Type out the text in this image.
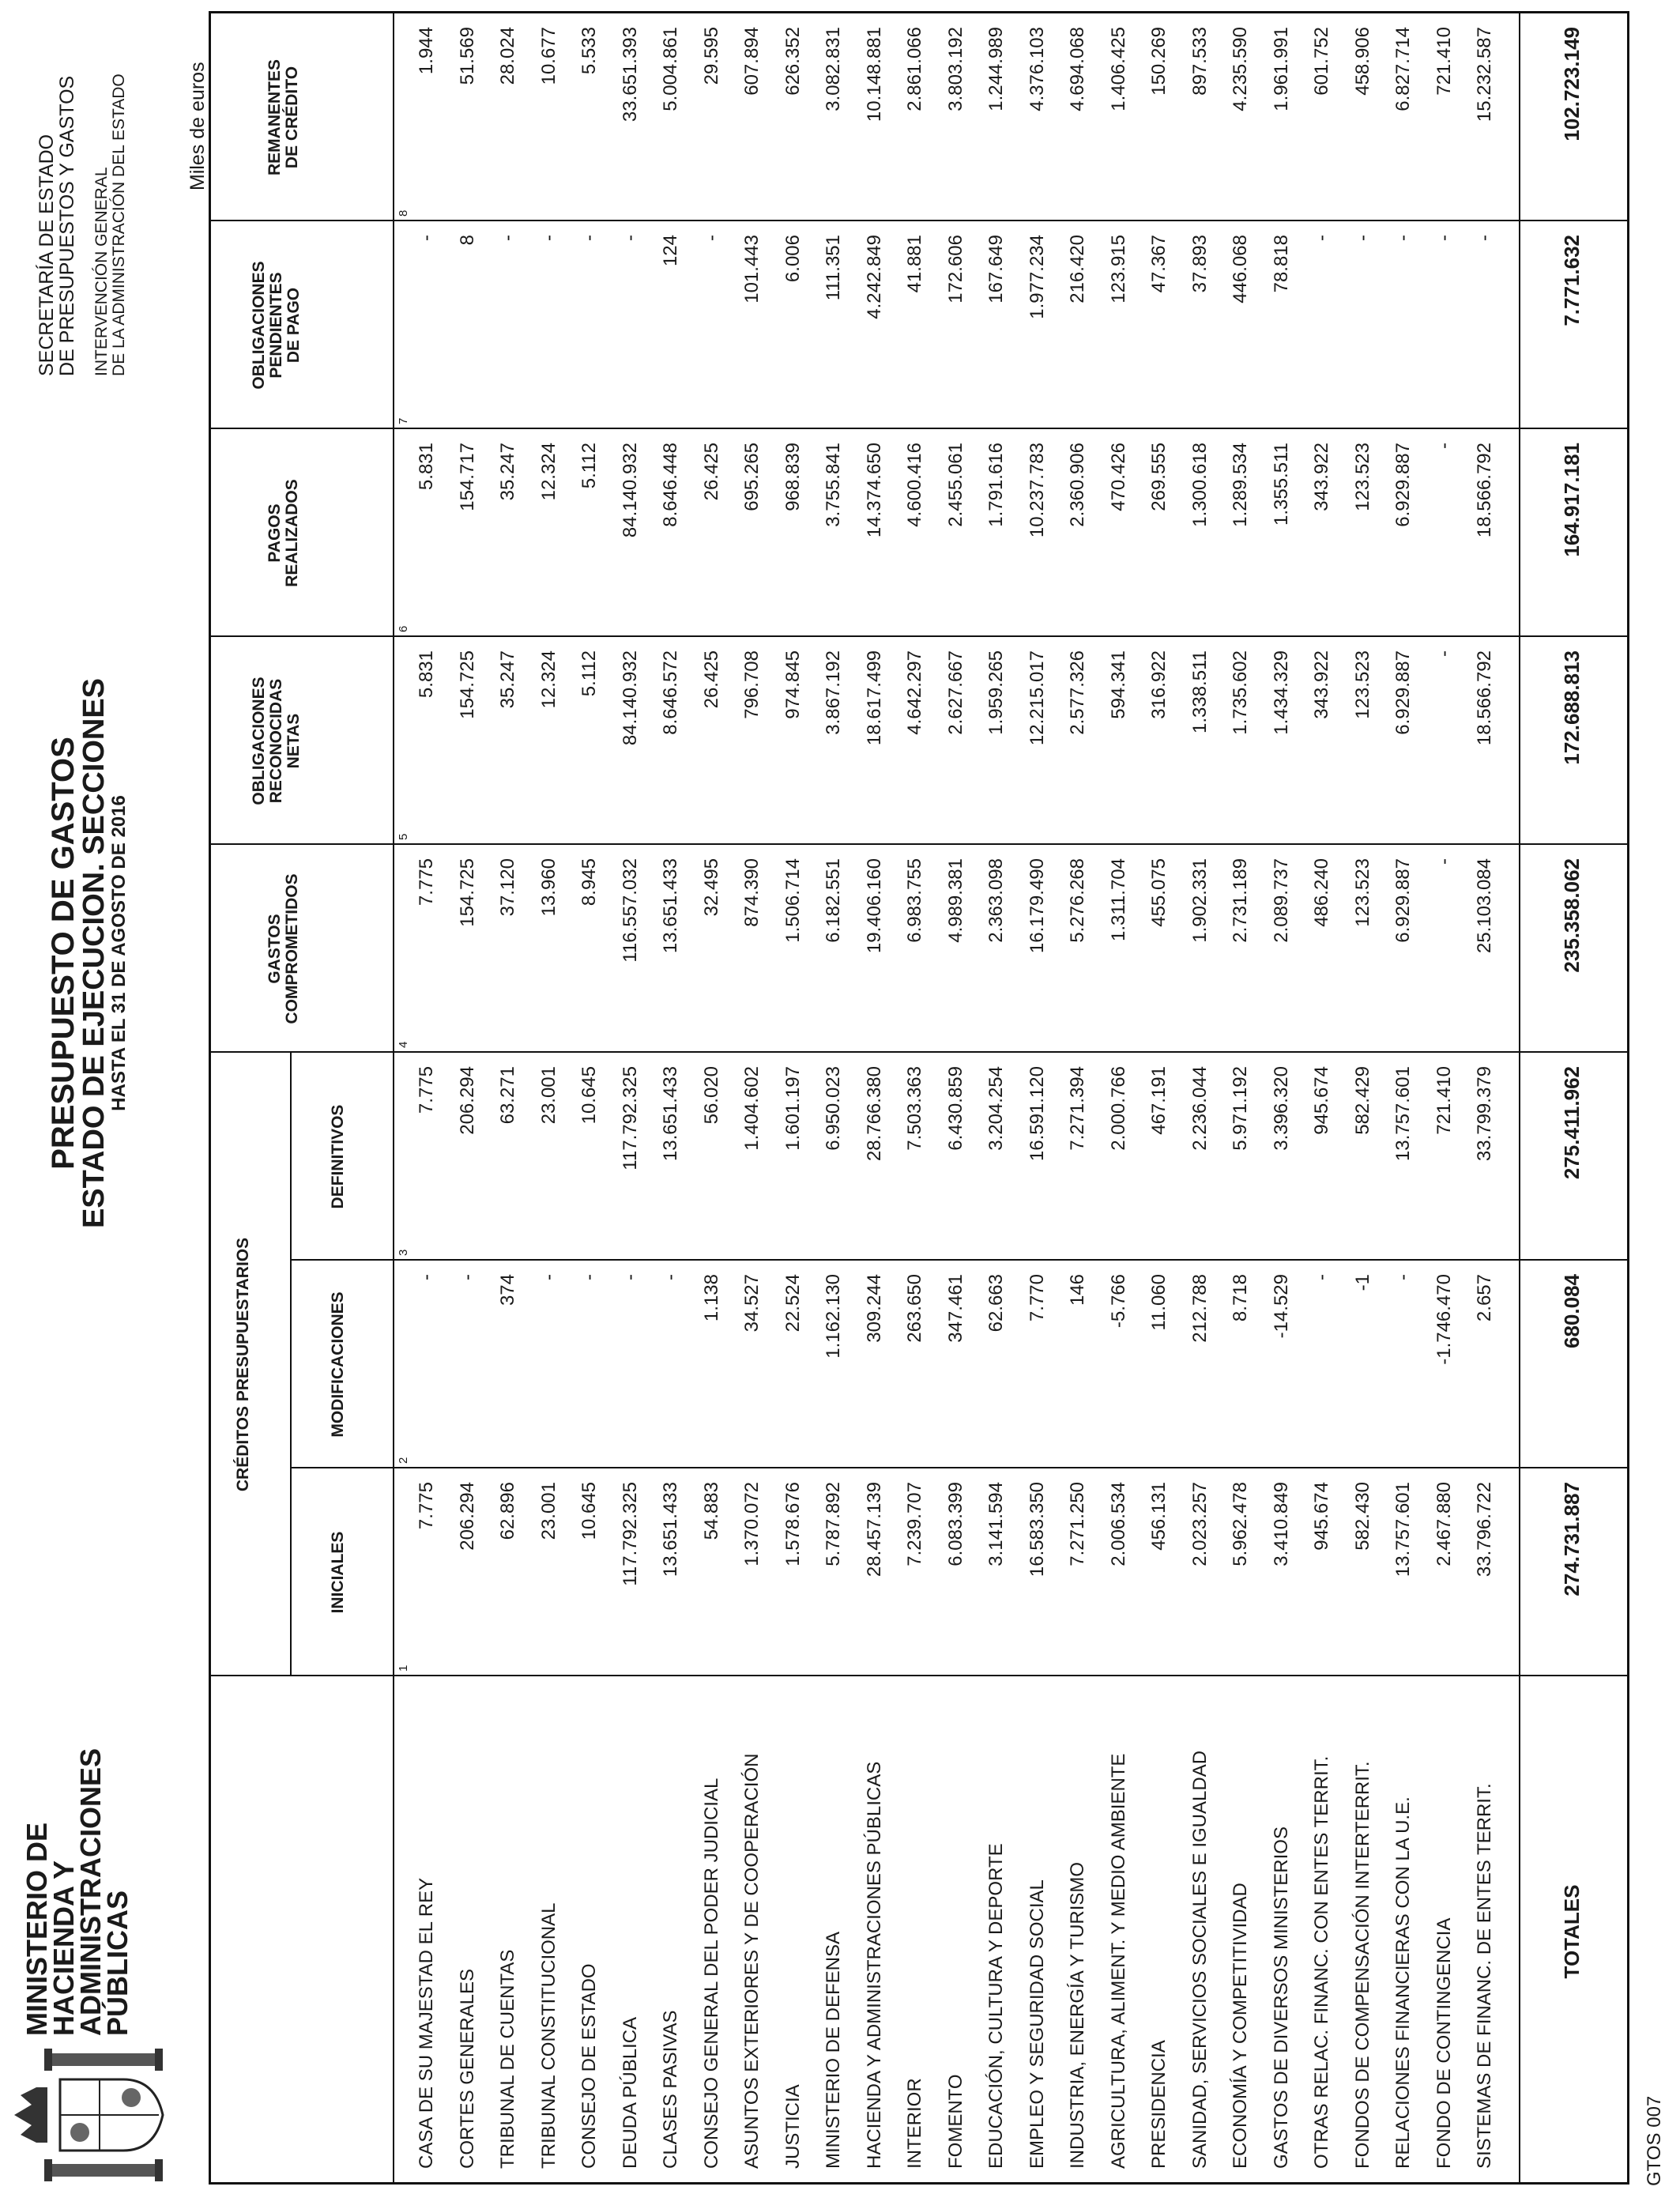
MINISTERIO DE
HACIENDA Y
ADMINISTRACIONES
PÚBLICAS
PRESUPUESTO DE GASTOS
ESTADO DE EJECUCION. SECCIONES
HASTA EL 31 DE AGOSTO DE 2016
SECRETARÍA DE ESTADO
DE PRESUPUESTOS Y GASTOS INTERVENCIÓN GENERAL DE LA ADMINISTRACIÓN DEL ESTADO	Miles de euros
GTOS 007
CRÉDITOS PRESUPUESTARIOS
INICIALES
MODIFICACIONES
DEFINITIVOS
GASTOS COMPROMETIDOS
OBLIGACIONES RECONOCIDAS NETAS
PAGOS REALIZADOS
OBLIGACIONES PENDIENTES DE PAGO
REMANENTES DE CRÉDITO
1
2
3
4
5
6
7
8
CASA DE SU MAJESTAD EL REY
7.775
-
7.775
7.775
5.831
5.831
-
1.944
CORTES GENERALES
206.294
-
206.294
154.725
154.725
154.717
8
51.569
TRIBUNAL DE CUENTAS
62.896
374
63.271
37.120
35.247
35.247
-
28.024
TRIBUNAL CONSTITUCIONAL
23.001
-
23.001
13.960
12.324
12.324
-
10.677
CONSEJO DE ESTADO
10.645
-
10.645
8.945
5.112
5.112
-
5.533
DEUDA PÚBLICA
117.792.325
-
117.792.325
116.557.032
84.140.932
84.140.932
-
33.651.393
CLASES PASIVAS
13.651.433
-
13.651.433
13.651.433
8.646.572
8.646.448
124
5.004.861
CONSEJO GENERAL DEL PODER JUDICIAL
54.883
1.138
56.020
32.495
26.425
26.425
-
29.595
ASUNTOS EXTERIORES Y DE COOPERACIÓN
1.370.072
34.527
1.404.602
874.390
796.708
695.265
101.443
607.894
JUSTICIA
1.578.676
22.524
1.601.197
1.506.714
974.845
968.839
6.006
626.352
MINISTERIO DE DEFENSA
5.787.892
1.162.130
6.950.023
6.182.551
3.867.192
3.755.841
111.351
3.082.831
HACIENDA Y ADMINISTRACIONES PÚBLICAS
28.457.139
309.244
28.766.380
19.406.160
18.617.499
14.374.650
4.242.849
10.148.881
INTERIOR
7.239.707
263.650
7.503.363
6.983.755
4.642.297
4.600.416
41.881
2.861.066
FOMENTO
6.083.399
347.461
6.430.859
4.989.381
2.627.667
2.455.061
172.606
3.803.192
EDUCACIÓN, CULTURA Y DEPORTE
3.141.594
62.663
3.204.254
2.363.098
1.959.265
1.791.616
167.649
1.244.989
EMPLEO Y SEGURIDAD SOCIAL
16.583.350
7.770
16.591.120
16.179.490
12.215.017
10.237.783
1.977.234
4.376.103
INDUSTRIA, ENERGÍA Y TURISMO
7.271.250
146
7.271.394
5.276.268
2.577.326
2.360.906
216.420
4.694.068
AGRICULTURA, ALIMENT. Y MEDIO AMBIENTE
2.006.534
-5.766
2.000.766
1.311.704
594.341
470.426
123.915
1.406.425
PRESIDENCIA
456.131
11.060
467.191
455.075
316.922
269.555
47.367
150.269
SANIDAD, SERVICIOS SOCIALES E IGUALDAD
2.023.257
212.788
2.236.044
1.902.331
1.338.511
1.300.618
37.893
897.533
ECONOMÍA Y COMPETITIVIDAD
5.962.478
8.718
5.971.192
2.731.189
1.735.602
1.289.534
446.068
4.235.590
GASTOS DE DIVERSOS MINISTERIOS
3.410.849
-14.529
3.396.320
2.089.737
1.434.329
1.355.511
78.818
1.961.991
OTRAS RELAC. FINANC. CON ENTES TERRIT.
945.674
-
945.674
486.240
343.922
343.922
-
601.752
FONDOS DE COMPENSACIÓN INTERTERRIT.
582.430
-1
582.429
123.523
123.523
123.523
-
458.906
RELACIONES FINANCIERAS CON LA U.E.
13.757.601
-
13.757.601
6.929.887
6.929.887
6.929.887
-
6.827.714
FONDO DE CONTINGENCIA
2.467.880
-1.746.470
721.410
-
-
-
-
721.410
SISTEMAS DE FINANC. DE ENTES TERRIT.
33.796.722
2.657
33.799.379
25.103.084
18.566.792
18.566.792
-
15.232.587
TOTALES
274.731.887
680.084
275.411.962
235.358.062
172.688.813
164.917.181
7.771.632
102.723.149
